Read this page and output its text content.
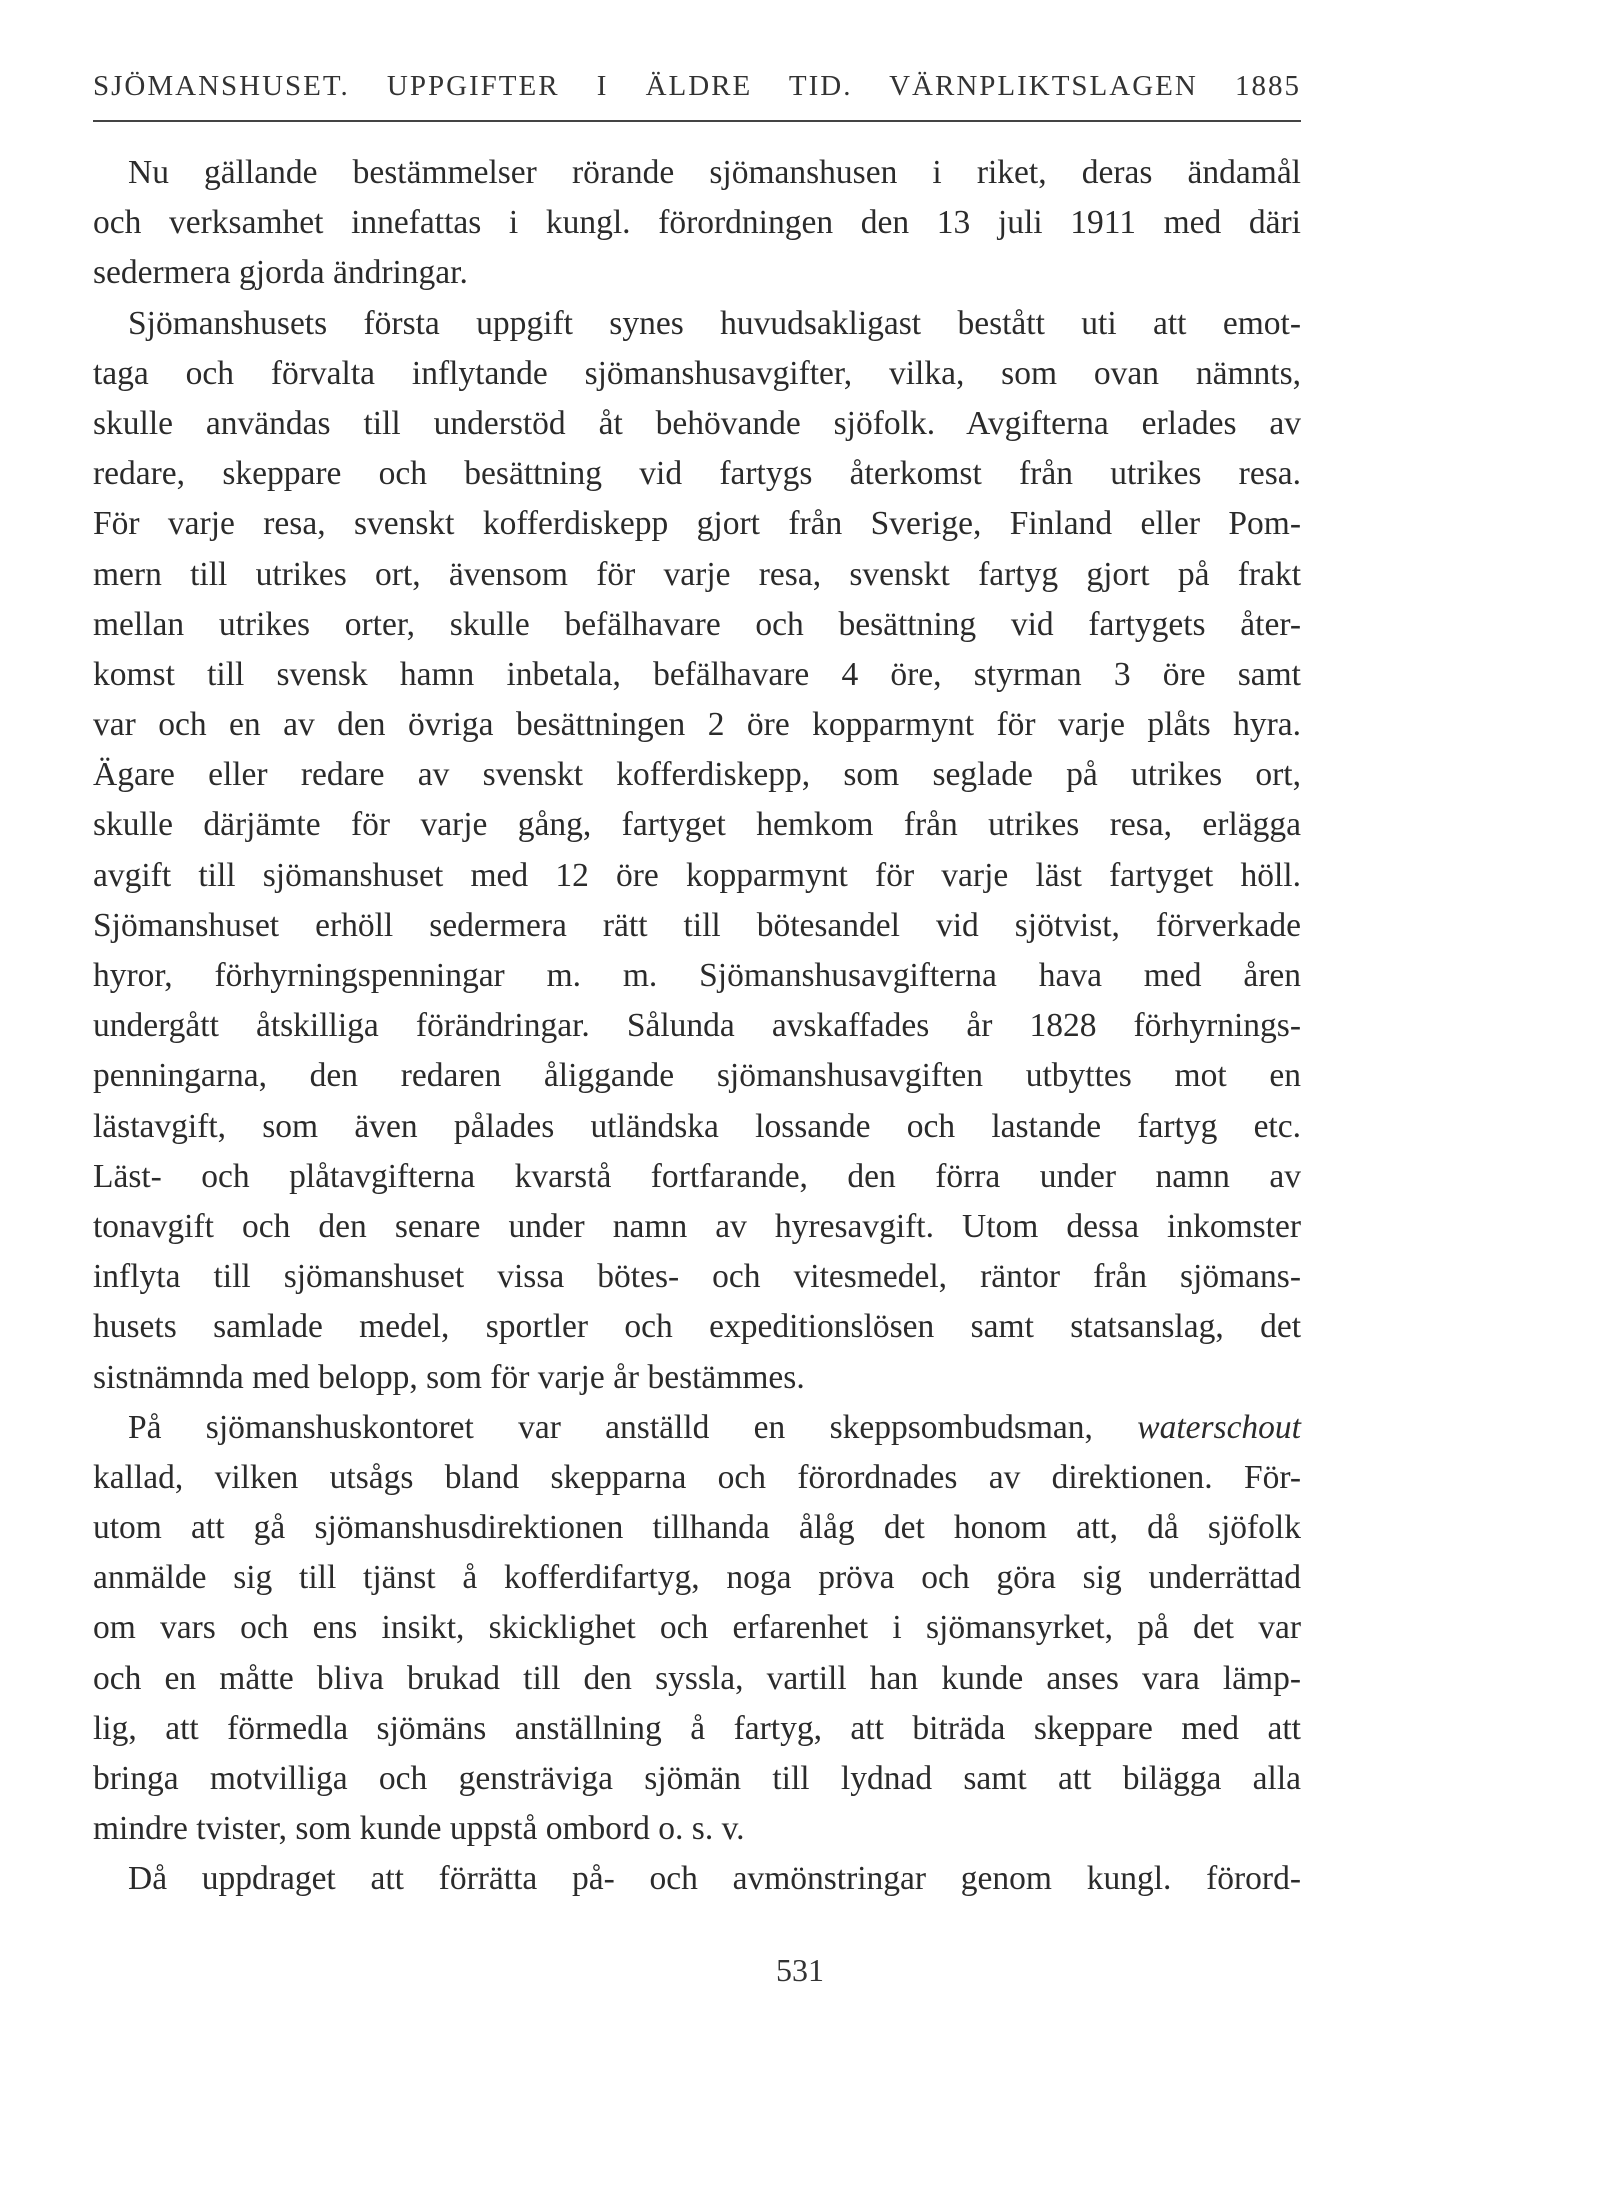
SJÖMANSHUSET. UPPGIFTER I ÄLDRE TID. VÄRNPLIKTSLAGEN 1885
Nu gällande bestämmelser rörande sjömanshusen i riket, deras ändamål
och verksamhet innefattas i kungl. förordningen den 13 juli 1911 med däri
sedermera gjorda ändringar.
Sjömanshusets första uppgift synes huvudsakligast bestått uti att emot-
taga och förvalta inflytande sjömanshusavgifter, vilka, som ovan nämnts,
skulle användas till understöd åt behövande sjöfolk. Avgifterna erlades av
redare, skeppare och besättning vid fartygs återkomst från utrikes resa.
För varje resa, svenskt kofferdiskepp gjort från Sverige, Finland eller Pom-
mern till utrikes ort, ävensom för varje resa, svenskt fartyg gjort på frakt
mellan utrikes orter, skulle befälhavare och besättning vid fartygets åter-
komst till svensk hamn inbetala, befälhavare 4 öre, styrman 3 öre samt
var och en av den övriga besättningen 2 öre kopparmynt för varje plåts hyra.
Ägare eller redare av svenskt kofferdiskepp, som seglade på utrikes ort,
skulle därjämte för varje gång, fartyget hemkom från utrikes resa, erlägga
avgift till sjömanshuset med 12 öre kopparmynt för varje läst fartyget höll.
Sjömanshuset erhöll sedermera rätt till bötesandel vid sjötvist, förverkade
hyror, förhyrningspenningar m. m. Sjömanshusavgifterna hava med åren
undergått åtskilliga förändringar. Sålunda avskaffades år 1828 förhyrnings-
penningarna, den redaren åliggande sjömanshusavgiften utbyttes mot en
lästavgift, som även pålades utländska lossande och lastande fartyg etc.
Läst- och plåtavgifterna kvarstå fortfarande, den förra under namn av
tonavgift och den senare under namn av hyresavgift. Utom dessa inkomster
inflyta till sjömanshuset vissa bötes- och vitesmedel, räntor från sjömans-
husets samlade medel, sportler och expeditionslösen samt statsanslag, det
sistnämnda med belopp, som för varje år bestämmes.
På sjömanshuskontoret var anställd en skeppsombudsman, waterschout
kallad, vilken utsågs bland skepparna och förordnades av direktionen. För-
utom att gå sjömanshusdirektionen tillhanda ålåg det honom att, då sjöfolk
anmälde sig till tjänst å kofferdifartyg, noga pröva och göra sig underrättad
om vars och ens insikt, skicklighet och erfarenhet i sjömansyrket, på det var
och en måtte bliva brukad till den syssla, vartill han kunde anses vara lämp-
lig, att förmedla sjömäns anställning å fartyg, att biträda skeppare med att
bringa motvilliga och gensträviga sjömän till lydnad samt att bilägga alla
mindre tvister, som kunde uppstå ombord o. s. v.
Då uppdraget att förrätta på- och avmönstringar genom kungl. förord-
531
